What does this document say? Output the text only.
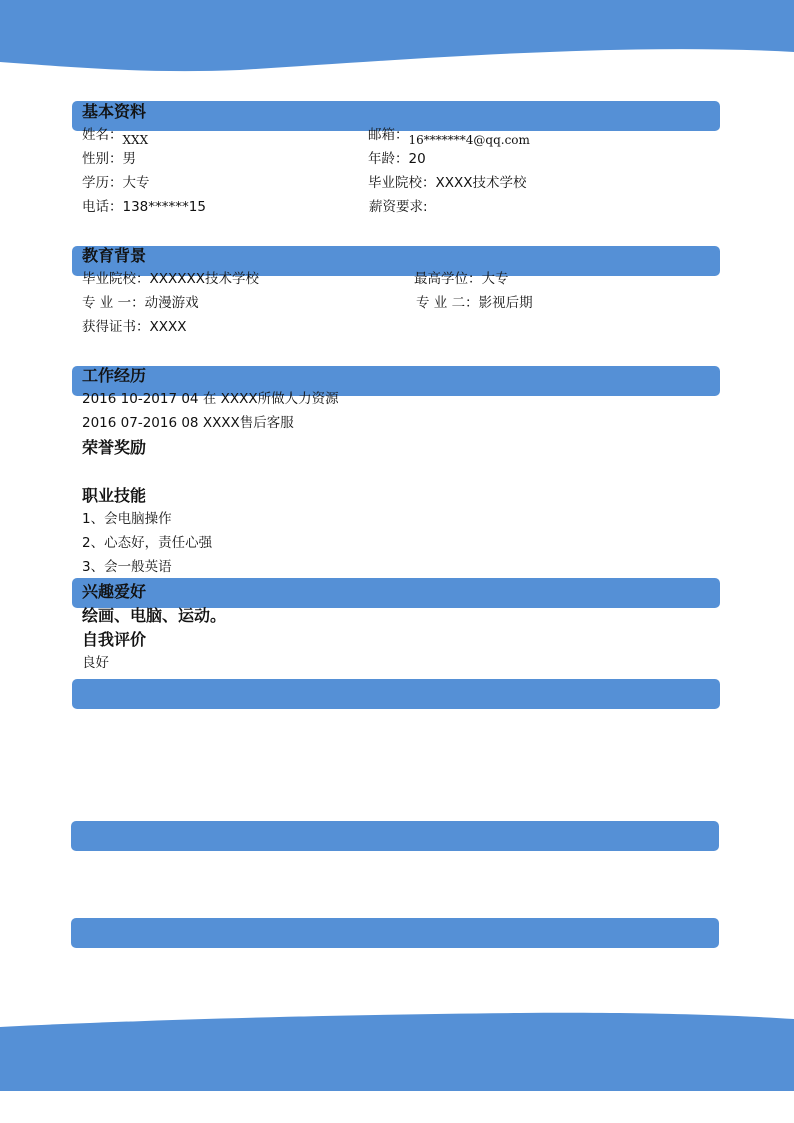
基本资料
姓名：XXX	邮箱：16*******4@qq.com
性别：男	年龄：20
学历：大专	毕业院校：XXXX技术学校
电话：138******15	薪资要求:
教育背景
毕业院校：XXXXXX技术学校	最高学位：大专
专 业 一：动漫游戏	专 业 二：影视后期
获得证书：XXXX
工作经历
2016 10-2017 04 在 XXXX所做人力资源
2016 07-2016 08 XXXX售后客服
荣誉奖励
职业技能
1、会电脑操作
2、心态好，责任心强
3、会一般英语
兴趣爱好
绘画、电脑、运动。
自我评价
良好
